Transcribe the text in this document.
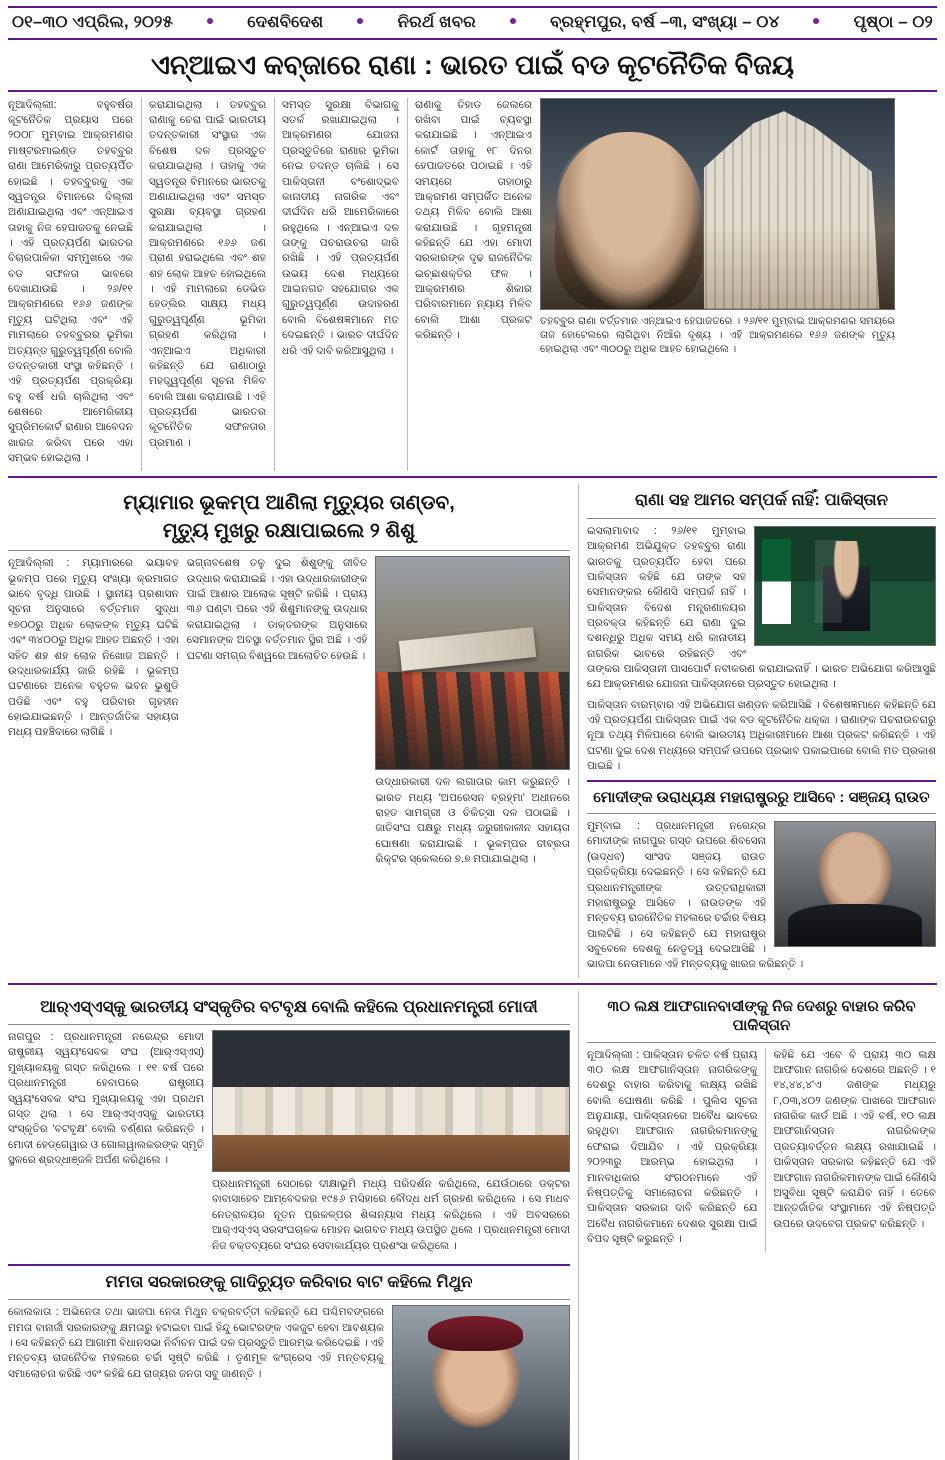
୦୧–୩୦ ଏପ୍ରିଲ, ୨୦୨୫	ଦେଶବିଦେଶ	ନିରର୍ଥ ଖବର	ବ୍ରହ୍ମପୁର, ବର୍ଷ –୩, ସଂଖ୍ୟା – ୦୪	ପୃଷ୍ଠା – ୦୨
ଏନ୍‌ଆଇଏ କବ୍‌ଜାରେ ରାଣା : ଭାରତ ପାଇଁ ବଡ କୂଟନୈତିକ ବିଜୟ

ନୂଆଦିଲ୍ଲୀ: ବହୁବର୍ଷର କୂଟନୈତିକ ପ୍ରୟାସ ପରେ ୨୦୦୮ ମୁମ୍ବାଇ ଆକ୍ରମଣର ମାଷ୍ଟରମାଇଣ୍ଡ ତହବ୍ବୁର ରାଣା ଆମେରିକାରୁ ପ୍ରତ୍ୟର୍ପିତ ହୋଇଛି । ତହବ୍ବୁରକୁ ଏକ ସ୍ୱତନ୍ତ୍ର ବିମାନରେ ଦିଲ୍ଲୀ ଅଣାଯାଇଥିଲା ଏବଂ ଏନ୍‌ଆଇଏ ତାହାକୁ ନିଜ ହେପାଜତକୁ ନେଇଛି । ଏହି ପ୍ରତ୍ୟର୍ପଣ ଭାରତର ବିଚାରପାଳିକା ସମ୍ମୁଖରେ ଏକ ବଡ ସଫଳତା ଭାବରେ ଦେଖାଯାଉଛି । ୨୬/୧୧ ଆକ୍ରମଣରେ ୧୬୬ ଜଣଙ୍କ ମୃତ୍ୟୁ ଘଟିଥିଲା ଏବଂ ଏହି ମାମଲାରେ ତହବ୍ବୁରର ଭୂମିକା ଅତ୍ୟନ୍ତ ଗୁରୁତ୍ୱପୂର୍ଣ୍ଣ ବୋଲି ତଦନ୍ତକାରୀ ସଂସ୍ଥା କହିଛନ୍ତି । ଏହି ପ୍ରତ୍ୟର୍ପଣ ପ୍ରକ୍ରିୟା ବହୁ ବର୍ଷ ଧରି ଚାଲିଥିଲା ଏବଂ ଶେଷରେ ଆମେରିକୀୟ ସୁପ୍ରିମକୋର୍ଟ ରାଣାର ଆବେଦନ ଖାରଜ କରିବା ପରେ ଏହା ସମ୍ଭବ ହୋଇଥିଲା ।

କରାଯାଇଥିଲା । ତହବ୍ବୁର ରାଣାକୁ ଚେରା ପାଇଁ ଭାରତୀୟ ତଦନ୍ତକାରୀ ସଂସ୍ଥାର ଏକ ବିଶେଷ ଦଳ ପ୍ରସ୍ତୁତ କରାଯାଇଥିଲା । ତାହାକୁ ଏକ ସ୍ୱତନ୍ତ୍ର ବିମାନରେ ଭାରତକୁ ଅଣାଯାଇଥିଲା ଏବଂ ସମସ୍ତ ସୁରକ୍ଷା ବ୍ୟବସ୍ଥା ଗ୍ରହଣ କରାଯାଇଥିଲା । ଆକ୍ରମଣରେ ୧୬୬ ଜଣ ପ୍ରାଣ ହରାଇଥିଲେ ଏବଂ ଶହ ଶହ ଲୋକ ଆହତ ହୋଇଥିଲେ । ଏହି ମାମଲାରେ ଡେଭିଡ ହେଡ୍‌ଲିର ସାକ୍ଷ୍ୟ ମଧ୍ୟ ଗୁରୁତ୍ୱପୂର୍ଣ୍ଣ ଭୂମିକା ଗ୍ରହଣ କରିଥିଲା । ଏନ୍‌ଆଇଏ ଅଧିକାରୀ କହିଛନ୍ତି ଯେ ରାଣାଠାରୁ ମହତ୍ତ୍ୱପୂର୍ଣ୍ଣ ସୂଚନା ମିଳିବ ବୋଲି ଆଶା କରାଯାଉଛି । ଏହି ପ୍ରତ୍ୟର୍ପଣ ଭାରତର କୂଟନୈତିକ ସଫଳତାର ପ୍ରମାଣ ।

ସମସ୍ତ ସୁରକ୍ଷା ବିଭାଗକୁ ସତର୍କ ରଖାଯାଇଥିଲା । ଆକ୍ରମଣର ଯୋଜନା ପ୍ରସ୍ତୁତିରେ ରାଣାର ଭୂମିକା ନେଇ ତଦନ୍ତ ଚାଲିଛି । ସେ ପାକିସ୍ତାନୀ ବଂଶୋଦ୍ଭବ କାନାଡୀୟ ନାଗରିକ ଏବଂ ଦୀର୍ଘଦିନ ଧରି ଆମେରିକାରେ ରହୁଥିଲେ । ଏନ୍‌ଆଇଏ ଦଳ ତାଙ୍କୁ ପଚରାଉଚରା ଜାରି ରଖିଛି । ଏହି ପ୍ରତ୍ୟର୍ପଣ ଉଭୟ ଦେଶ ମଧ୍ୟରେ ଆଇନଗତ ସହଯୋଗର ଏକ ଗୁରୁତ୍ୱପୂର୍ଣ୍ଣ ଉଦାହରଣ ବୋଲି ବିଶେଷଜ୍ଞମାନେ ମତ ଦେଇଛନ୍ତି । ଭାରତ ଦୀର୍ଘଦିନ ଧରି ଏହି ଦାବି କରିଆସୁଥିଲା ।

ରାଣାକୁ ତିହାଡ ଜେଲରେ ରଖିବା ପାଇଁ ବ୍ୟବସ୍ଥା କରାଯାଇଛି । ଏନ୍‌ଆଇଏ କୋର୍ଟ ତାହାକୁ ୧୮ ଦିନର ହେପାଜତରେ ପଠାଇଛି । ଏହି ସମୟରେ ତାହାଠାରୁ ଆକ୍ରମଣ ସମ୍ପର୍କିତ ଅନେକ ତଥ୍ୟ ମିଳିବ ବୋଲି ଆଶା କରାଯାଉଛି । ଗୃହମନ୍ତ୍ରୀ କହିଛନ୍ତି ଯେ ଏହା ମୋଦୀ ସରକାରଙ୍କ ଦୃଢ ରାଜନୈତିକ ଇଚ୍ଛାଶକ୍ତିର ଫଳ । ଆକ୍ରମଣର ଶିକାର ପରିବାରମାନେ ନ୍ୟାୟ ମିଳିବ ବୋଲି ଆଶା ପ୍ରକଟ କରିଛନ୍ତି ।

ତହବ୍ବୁର ରାଣା ବର୍ତ୍ତମାନ ଏନ୍‌ଆଇଏ ହେପାଜତରେ । ୨୬/୧୧ ମୁମ୍ବାଇ ଆକ୍ରମଣର ସମୟରେ ତାଜ ହୋଟେଲରେ ଲାଗିଥିବା ନିଆଁର ଦୃଶ୍ୟ । ଏହି ଆକ୍ରମଣରେ ୧୬୬ ଜଣଙ୍କ ମୃତ୍ୟୁ ହୋଇଥିଲା ଏବଂ ୩୦୦ରୁ ଅଧିକ ଆହତ ହୋଇଥିଲେ ।
ମ୍ୟାମାର ଭୂକମ୍ପ ଆଣିଲା ମୃତ୍ୟୁର ତାଣ୍ଡବ,
ମୃତ୍ୟୁ ମୁଖରୁ ରକ୍ଷାପାଇଲେ ୨ ଶିଶୁ

ନୂଆଦିଲ୍ଲୀ : ମ୍ୟାମାରରେ ଭୟାବହ ଭୂକମ୍ପ ପରେ ମୃତ୍ୟୁ ସଂଖ୍ୟା କ୍ରମାଗତ ଭାବେ ବୃଦ୍ଧି ପାଉଛି । ସ୍ଥାନୀୟ ପ୍ରଶାସନ ସୂଚନା ଅନୁସାରେ ବର୍ତ୍ତମାନ ସୁଦ୍ଧା ୧୭୦୦ରୁ ଅଧିକ ଲୋକଙ୍କ ମୃତ୍ୟୁ ଘଟିଛି ଏବଂ ୩୪୦୦ରୁ ଅଧିକ ଆହତ ଅଛନ୍ତି । ଏହା ସହିତ ଶହ ଶହ ଲୋକ ନିଖୋଜ ଅଛନ୍ତି । ଉଦ୍ଧାରକାର୍ଯ୍ୟ ଜାରି ରହିଛି । ଭୂକମ୍ପ ଘଟଣାରେ ଅନେକ ବହୁତଳ ଭବନ ଭୁଶୁଡି ପଡିଛି ଏବଂ ବହୁ ପରିବାର ଗୃହହୀନ ହୋଇଯାଇଛନ୍ତି । ଆନ୍ତର୍ଜାତିକ ସହାୟତା ମଧ୍ୟ ପହଞ୍ଚିବାରେ ଲାଗିଛି ।

ଭଗ୍ନାବଶେଷ ତଳୁ ଦୁଇ ଶିଶୁଙ୍କୁ ଜୀବିତ ଉଦ୍ଧାର କରାଯାଇଛି । ଏହା ଉଦ୍ଧାରକାରୀଙ୍କ ପାଇଁ ଆଶାର ଆଲୋକ ସୃଷ୍ଟି କରିଛି । ପ୍ରାୟ ୩୬ ଘଣ୍ଟା ପରେ ଏହି ଶିଶୁମାନଙ୍କୁ ଉଦ୍ଧାର କରାଯାଇଥିଲା । ଡାକ୍ତରଙ୍କ ଅନୁସାରେ ସେମାନଙ୍କ ଅବସ୍ଥା ବର୍ତ୍ତମାନ ସ୍ଥିର ଅଛି । ଏହି ଘଟଣା ସମଗ୍ର ବିଶ୍ୱରେ ଆଲୋଚିତ ହେଉଛି ।

ଉଦ୍ଧାରକାରୀ ଦଳ ଲଗାତାର କାମ କରୁଛନ୍ତି । ଭାରତ ମଧ୍ୟ 'ଅପରେସନ ବ୍ରହ୍ମା' ଅଧୀନରେ ରାହତ ସାମଗ୍ରୀ ଓ ଚିକିତ୍ସା ଦଳ ପଠାଇଛି । ଜାତିସଂଘ ପକ୍ଷରୁ ମଧ୍ୟ ଜରୁରୀକାଳୀନ ସହାୟତା ଘୋଷଣା କରାଯାଇଛି । ଭୂକମ୍ପର ତୀବ୍ରତା ରିକ୍ଟର ସ୍କେଲରେ ୭.୭ ମପାଯାଇଥିଲା ।

ରାଣା ସହ ଆମର ସମ୍ପର୍କ ନାହିଁ: ପାକିସ୍ତାନ

ଇସଲାମାବାଦ : ୨୬/୧୧ ମୁମ୍ବାଇ ଆକ୍ରମଣ ଅଭିଯୁକ୍ତ ତହବ୍ବୁର ରାଣା ଭାରତକୁ ପ୍ରତ୍ୟର୍ପିତ ହେବା ପରେ ପାକିସ୍ତାନ କହିଛି ଯେ ତାଙ୍କ ସହ ସେମାନଙ୍କର କୌଣସି ସମ୍ପର୍କ ନାହିଁ । ପାକିସ୍ତାନ ବିଦେଶ ମନ୍ତ୍ରଣାଳୟର ପ୍ରବକ୍ତା କହିଛନ୍ତି ଯେ ରାଣା ଦୁଇ ଦଶନ୍ଧିରୁ ଅଧିକ ସମୟ ଧରି କାନାଡୀୟ ନାଗରିକ ଭାବରେ ରହିଛନ୍ତି ଏବଂ ତାଙ୍କର ପାକିସ୍ତାନୀ ପାସପୋର୍ଟ ନବୀକରଣ କରାଯାଇନାହିଁ । ଭାରତ ଅଭିଯୋଗ କରିଆସୁଛି ଯେ ଆକ୍ରମଣର ଯୋଜନା ପାକିସ୍ତାନରେ ପ୍ରସ୍ତୁତ ହୋଇଥିଲା ।

ପାକିସ୍ତାନ ବାରମ୍ବାର ଏହି ଅଭିଯୋଗ ଖଣ୍ଡନ କରିଆସିଛି । ବିଶେଷଜ୍ଞମାନେ କହିଛନ୍ତି ଯେ ଏହି ପ୍ରତ୍ୟର୍ପଣ ପାକିସ୍ତାନ ପାଇଁ ଏକ ବଡ କୂଟନୈତିକ ଧକ୍କା । ରାଣାଙ୍କ ପଚରାଉଚରାରୁ ନୂଆ ତଥ୍ୟ ମିଳିପାରେ ବୋଲି ଭାରତୀୟ ଅଧିକାରୀମାନେ ଆଶା ପ୍ରକଟ କରିଛନ୍ତି । ଏହି ଘଟଣା ଦୁଇ ଦେଶ ମଧ୍ୟରେ ସମ୍ପର୍କ ଉପରେ ପ୍ରଭାବ ପକାଇପାରେ ବୋଲି ମତ ପ୍ରକାଶ ପାଇଛି ।

ମୋଦୀଙ୍କ ଉରାଧ୍ୟକ୍ଷ ମହାରାଷ୍ଟ୍ରରୁ ଆସିବେ : ସଞ୍ଜୟ ରାଉତ

ମୁମ୍ବାଇ : ପ୍ରଧାନମନ୍ତ୍ରୀ ନରେନ୍ଦ୍ର ମୋଦୀଙ୍କ ନାଗପୁର ଗସ୍ତ ଉପରେ ଶିବସେନା (ଉଦ୍ଧବ) ସାଂସଦ ସଞ୍ଜୟ ରାଉତ ପ୍ରତିକ୍ରିୟା ଦେଇଛନ୍ତି । ସେ କହିଛନ୍ତି ଯେ ପ୍ରଧାନମନ୍ତ୍ରୀଙ୍କ ଉତ୍ତରାଧିକାରୀ ମହାରାଷ୍ଟ୍ରରୁ ଆସିବେ । ରାଉତଙ୍କ ଏହି ମନ୍ତବ୍ୟ ରାଜନୈତିକ ମହଲରେ ଚର୍ଚ୍ଚାର ବିଷୟ ପାଲଟିଛି । ସେ କହିଛନ୍ତି ଯେ ମହାରାଷ୍ଟ୍ର ସବୁବେଳେ ଦେଶକୁ ନେତୃତ୍ୱ ଦେଇଆସିଛି । ଭାଜପା ନେତାମାନେ ଏହି ମନ୍ତବ୍ୟକୁ ଖାରଜ କରିଛନ୍ତି ।

ଆର୍‌ଏସ୍‌ଏସ୍‌କୁ ଭାରତୀୟ ସଂସ୍କୃତିର ବଟବୃକ୍ଷ ବୋଲି କହିଲେ ପ୍ରଧାନମନ୍ତ୍ରୀ ମୋଦୀ

ନାଗପୁର : ପ୍ରଧାନମନ୍ତ୍ରୀ ନରେନ୍ଦ୍ର ମୋଦୀ ରାଷ୍ଟ୍ରୀୟ ସ୍ୱୟଂସେବକ ସଂଘ (ଆର୍‌ଏସ୍‌ଏସ୍‌) ମୁଖ୍ୟାଳୟକୁ ଗସ୍ତ କରିଥିଲେ । ୧୧ ବର୍ଷ ପରେ ପ୍ରଧାନମନ୍ତ୍ରୀ ହେବାପରେ ରାଷ୍ଟ୍ରୀୟ ସ୍ୱୟଂସେବକ ସଂଘ ମୁଖ୍ୟାଳୟକୁ ଏହା ପ୍ରଥମ ଗସ୍ତ ଥିଲା । ସେ ଆର୍‌ଏସ୍‌ଏସ୍‌କୁ ଭାରତୀୟ ସଂସ୍କୃତିର 'ବଟବୃକ୍ଷ' ବୋଲି ବର୍ଣ୍ଣନା କରିଛନ୍ତି । ମୋଦୀ ହେଡ୍‌ଗେୱାର ଓ ଗୋଲୱାଲକରଙ୍କ ସ୍ମୃତି ସ୍ଥଳରେ ଶ୍ରଦ୍ଧାଞ୍ଜଳି ଅର୍ପଣ କରିଥିଲେ ।

ପ୍ରଧାନମନ୍ତ୍ରୀ ସେଠାରେ ଦୀକ୍ଷାଭୂମି ମଧ୍ୟ ପରିଦର୍ଶନ କରିଥିଲେ, ଯେଉଁଠାରେ ଡକ୍ଟର ବାବାସାହେବ ଆମ୍ବେଦକର ୧୯୫୬ ମସିହାରେ ବୌଦ୍ଧ ଧର୍ମ ଗ୍ରହଣ କରିଥିଲେ । ସେ ମାଧବ ନେତ୍ରାଳୟର ନୂତନ ପ୍ରକଳ୍ପର ଶିଳାନ୍ୟାସ ମଧ୍ୟ କରିଥିଲେ । ଏହି ଅବସରରେ ଆର୍‌ଏସ୍‌ଏସ୍‌ ସରସଂଘଚାଳକ ମୋହନ ଭାଗବତ ମଧ୍ୟ ଉପସ୍ଥିତ ଥିଲେ । ପ୍ରଧାନମନ୍ତ୍ରୀ ମୋଦୀ ନିଜ ବକ୍ତବ୍ୟରେ ସଂଘର ସେବାକାର୍ଯ୍ୟର ପ୍ରଶଂସା କରିଥିଲେ ।

ମମତା ସରକାରଙ୍କୁ ଗାଦିଚ୍ୟୁତ କରିବାର ବାଟ କହିଲେ ମିଥୁନ

କୋଲକାତା : ଅଭିନେତା ତଥା ଭାଜପା ନେତା ମିଥୁନ ଚକ୍ରବର୍ତ୍ତୀ କହିଛନ୍ତି ଯେ ପଶ୍ଚିମବଙ୍ଗରେ ମମତା ବାନାର୍ଜୀ ସରକାରଙ୍କୁ କ୍ଷମତାରୁ ହଟାଇବା ପାଇଁ ହିନ୍ଦୁ ଭୋଟରଙ୍କ ଏକଜୁଟ ହେବା ଆବଶ୍ୟକ । ସେ କହିଛନ୍ତି ଯେ ଆଗାମୀ ବିଧାନସଭା ନିର୍ବାଚନ ପାଇଁ ଦଳ ପ୍ରସ୍ତୁତି ଆରମ୍ଭ କରିଦେଇଛି । ଏହି ମନ୍ତବ୍ୟ ରାଜନୈତିକ ମହଲରେ ଚର୍ଚ୍ଚା ସୃଷ୍ଟି କରିଛି । ତୃଣମୂଳ କଂଗ୍ରେସ ଏହି ମନ୍ତବ୍ୟକୁ ସମାଲୋଚନା କରିଛି ଏବଂ କହିଛି ଯେ ରାଜ୍ୟର ଜନତା ସବୁ ଜାଣନ୍ତି ।

୩୦ ଲକ୍ଷ ଆଫଗାନବାସୀଙ୍କୁ ନିଜ ଦେଶରୁ ବାହାର କରିବ ପାକିସ୍ତାନ

ନୂଆଦିଲ୍ଲୀ : ପାକିସ୍ତାନ ଚଳିତ ବର୍ଷ ପ୍ରାୟ ୩୦ ଲକ୍ଷ ଆଫଗାନିସ୍ତାନ ନାଗରିକଙ୍କୁ ଦେଶରୁ ବାହାର କରିବାକୁ ଲକ୍ଷ୍ୟ ରଖିଛି ବୋଲି ଘୋଷଣା କରିଛି । ପୁଲିସ ସୂଚନା ଅନୁଯାୟୀ, ପାକିସ୍ତାନରେ ଅବୈଧ ଭାବରେ ରହୁଥିବା ଆଫଗାନ ନାଗରିକମାନଙ୍କୁ ଫେରାଇ ଦିଆଯିବ । ଏହି ପ୍ରକ୍ରିୟା ୨୦୨୩ରୁ ଆରମ୍ଭ ହୋଇଥିଲା । ମାନବାଧିକାର ସଂଗଠନମାନେ ଏହି ନିଷ୍ପତ୍ତିକୁ ସମାଲୋଚନା କରିଛନ୍ତି । ପାକିସ୍ତାନ ସରକାର ଦାବି କରିଛନ୍ତି ଯେ ଅବୈଧ ନାଗରିକମାନେ ଦେଶର ସୁରକ୍ଷା ପାଇଁ ବିପଦ ସୃଷ୍ଟି କରୁଛନ୍ତି ।

କହିଛି ଯେ ଏବେ ବି ପ୍ରାୟ ୩୦ ଲକ୍ଷ ଆଫଗାନ ନାଗରିକ ଦେଶରେ ଅଛନ୍ତି । ୧ ୧୪,୪୪,୪'ଏ ଜଣଙ୍କ ମଧ୍ୟରୁ ୮,୦୩,୪୦୨ ଜଣଙ୍କ ପାଖରେ ଆଫଗାନ ନାଗରିକ କାର୍ଡ ଅଛି । ଏହି ବର୍ଷ, ୧୦ ଲକ୍ଷ ଆଫଗାନିସ୍ତାନ ନାଗରିକଙ୍କ ପ୍ରତ୍ୟାବର୍ତ୍ତନ ଲକ୍ଷ୍ୟ ରଖାଯାଇଛି । ପାକିସ୍ତାନ ସରକାର କହିଛନ୍ତି ଯେ ଏହି ଆଫଗାନ ନାଗରିକମାନଙ୍କ ପାଇଁ କୌଣସି ଅସୁବିଧା ସୃଷ୍ଟି କରାଯିବ ନାହିଁ । ତେବେ ଆନ୍ତର୍ଜାତିକ ସଂସ୍ଥାମାନେ ଏହି ନିଷ୍ପତ୍ତି ଉପରେ ଉଦବେଗ ପ୍ରକଟ କରିଛନ୍ତି ।
